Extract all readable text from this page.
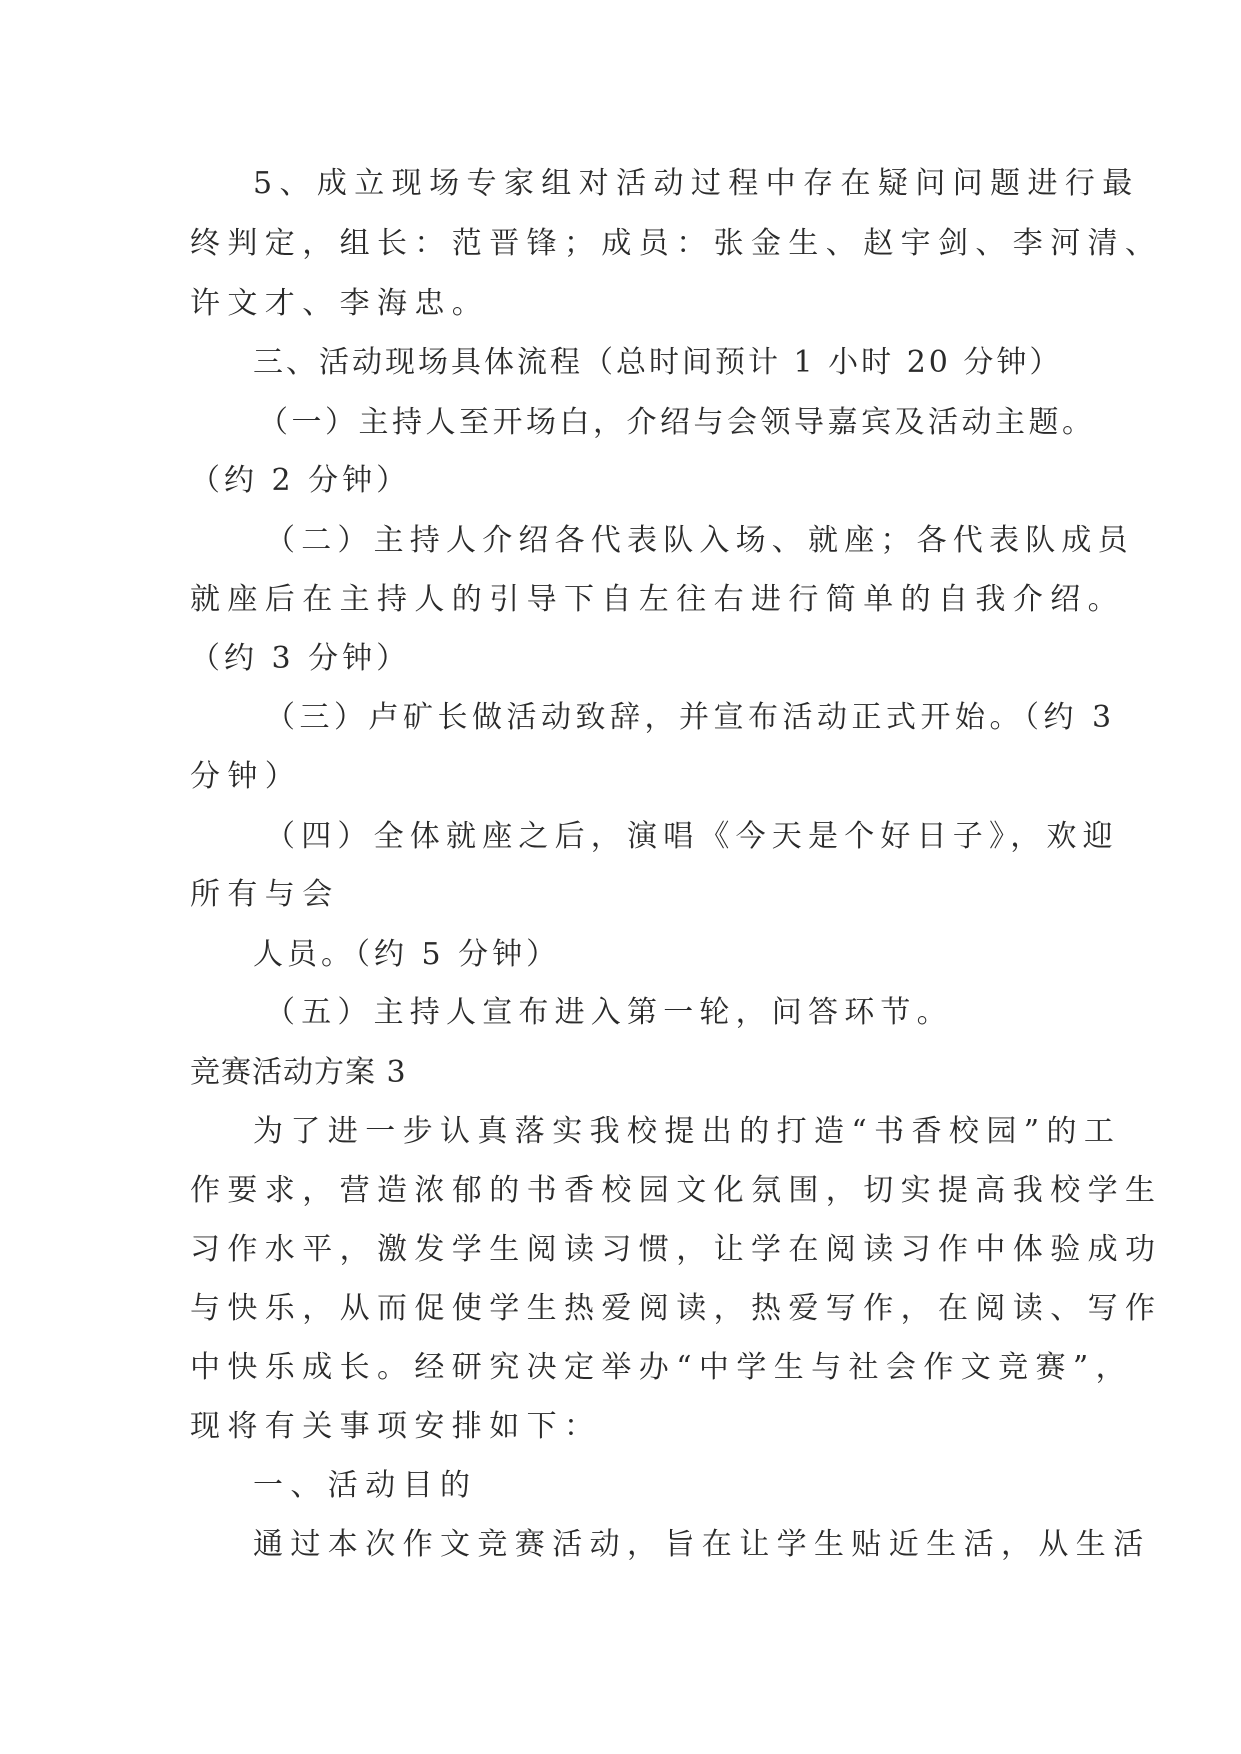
5、成立现场专家组对活动过程中存在疑问问题进行最
终判定，组长：范晋锋；成员：张金生、赵宇剑、李河清、
许文才、李海忠。
三、活动现场具体流程（总时间预计 1 小时 20 分钟）
（一）主持人至开场白，介绍与会领导嘉宾及活动主题。
（约 2 分钟）
（二）主持人介绍各代表队入场、就座；各代表队成员
就座后在主持人的引导下自左往右进行简单的自我介绍。
（约 3 分钟）
（三）卢矿长做活动致辞，并宣布活动正式开始。（约 3
分钟）
（四）全体就座之后，演唱《今天是个好日子》，欢迎
所有与会
人员。（约 5 分钟）
（五）主持人宣布进入第一轮，问答环节。
竞赛活动方案 3
为了进一步认真落实我校提出的打造“书香校园”的工
作要求，营造浓郁的书香校园文化氛围，切实提高我校学生
习作水平，激发学生阅读习惯，让学在阅读习作中体验成功
与快乐，从而促使学生热爱阅读，热爱写作，在阅读、写作
中快乐成长。经研究决定举办“中学生与社会作文竞赛”，
现将有关事项安排如下：
一、活动目的
通过本次作文竞赛活动，旨在让学生贴近生活，从生活
